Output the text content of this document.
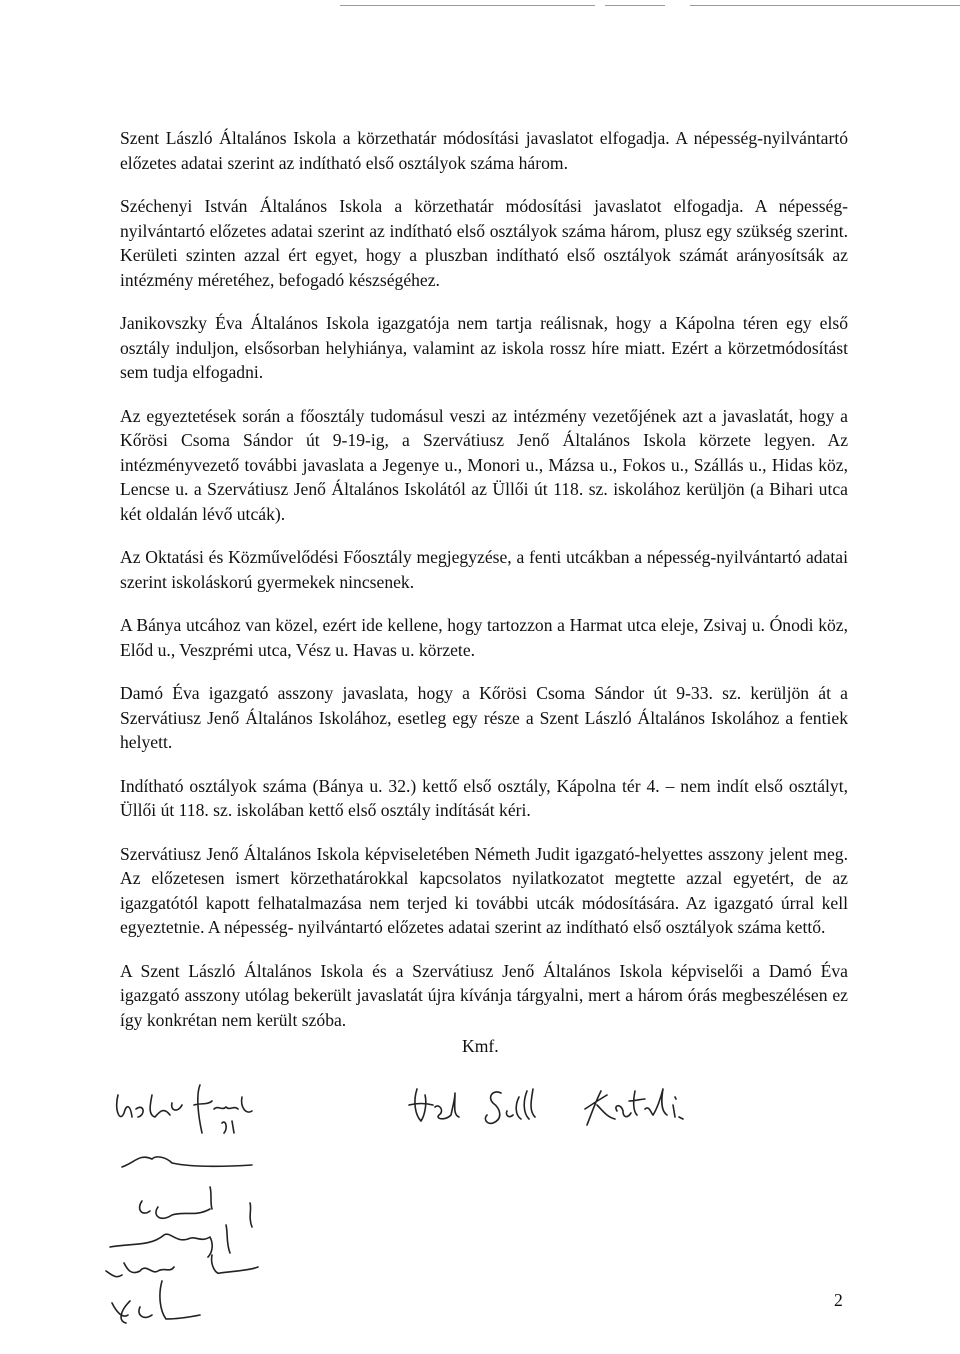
Szent László Általános Iskola a körzethatár módosítási javaslatot elfogadja. A népesség-nyilvántartó előzetes adatai szerint az indítható első osztályok száma három.

Széchenyi István Általános Iskola a körzethatár módosítási javaslatot elfogadja. A népesség-nyilvántartó előzetes adatai szerint az indítható első osztályok száma három, plusz egy szükség szerint. Kerületi szinten azzal ért egyet, hogy a pluszban indítható első osztályok számát arányosítsák az intézmény méretéhez, befogadó készségéhez.

Janikovszky Éva Általános Iskola igazgatója nem tartja reálisnak, hogy a Kápolna téren egy első osztály induljon, elsősorban helyhiánya, valamint az iskola rossz híre miatt. Ezért a körzetmódosítást sem tudja elfogadni.

Az egyeztetések során a főosztály tudomásul veszi az intézmény vezetőjének azt a javaslatát, hogy a Kőrösi Csoma Sándor út 9-19-ig, a Szervátiusz Jenő Általános Iskola körzete legyen. Az intézményvezető további javaslata a Jegenye u., Monori u., Mázsa u., Fokos u., Szállás u., Hidas köz, Lencse u. a Szervátiusz Jenő Általános Iskolától az Üllői út 118. sz. iskolához kerüljön (a Bihari utca két oldalán lévő utcák).

Az Oktatási és Közművelődési Főosztály megjegyzése, a fenti utcákban a népesség-nyilvántartó adatai szerint iskoláskorú gyermekek nincsenek.

A Bánya utcához van közel, ezért ide kellene, hogy tartozzon a Harmat utca eleje, Zsivaj u. Ónodi köz, Előd u., Veszprémi utca, Vész u. Havas u. körzete.

Damó Éva igazgató asszony javaslata, hogy a Kőrösi Csoma Sándor út 9-33. sz. kerüljön át a Szervátiusz Jenő Általános Iskolához, esetleg egy része a Szent László Általános Iskolához a fentiek helyett.

Indítható osztályok száma (Bánya u. 32.) kettő első osztály, Kápolna tér 4. – nem indít első osztályt, Üllői út 118. sz. iskolában kettő első osztály indítását kéri.

Szervátiusz Jenő Általános Iskola képviseletében Németh Judit igazgató-helyettes asszony jelent meg. Az előzetesen ismert körzethatárokkal kapcsolatos nyilatkozatot megtette azzal egyetért, de az igazgatótól kapott felhatalmazása nem terjed ki további utcák módosítására. Az igazgató úrral kell egyeztetnie. A népesség- nyilvántartó előzetes adatai szerint az indítható első osztályok száma kettő.

A Szent László Általános Iskola és a Szervátiusz Jenő Általános Iskola képviselői a Damó Éva igazgató asszony utólag bekerült javaslatát újra kívánja tárgyalni, mert a három órás megbeszélésen ez így konkrétan nem került szóba.

Kmf.
2
